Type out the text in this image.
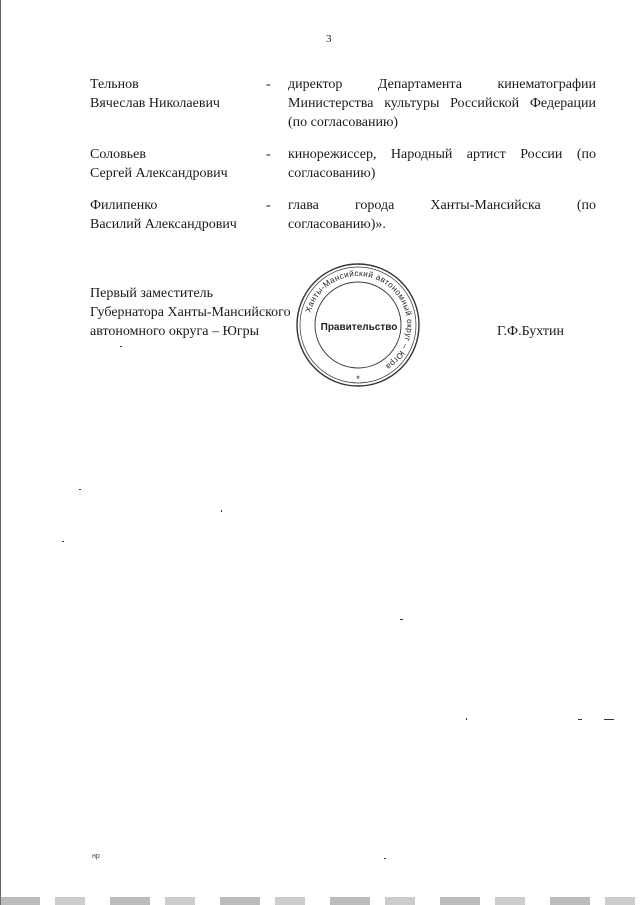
3
Тельнов
Вячеслав Николаевич
- директор Департамента кинематографии Министерства культуры Российской Федерации (по согласованию)
Соловьев
Сергей Александрович
- кинорежиссер, Народный артист России (по согласованию)
Филипенко
Василий Александрович
- глава города Ханты-Мансийска (по согласованию)».
Первый заместитель
Губернатора Ханты-Мансийского
автономного округа – Югры
Ханты-Мансийский автономный округ – Югра
*
Правительство	Г.Ф.Бухтин
нр
